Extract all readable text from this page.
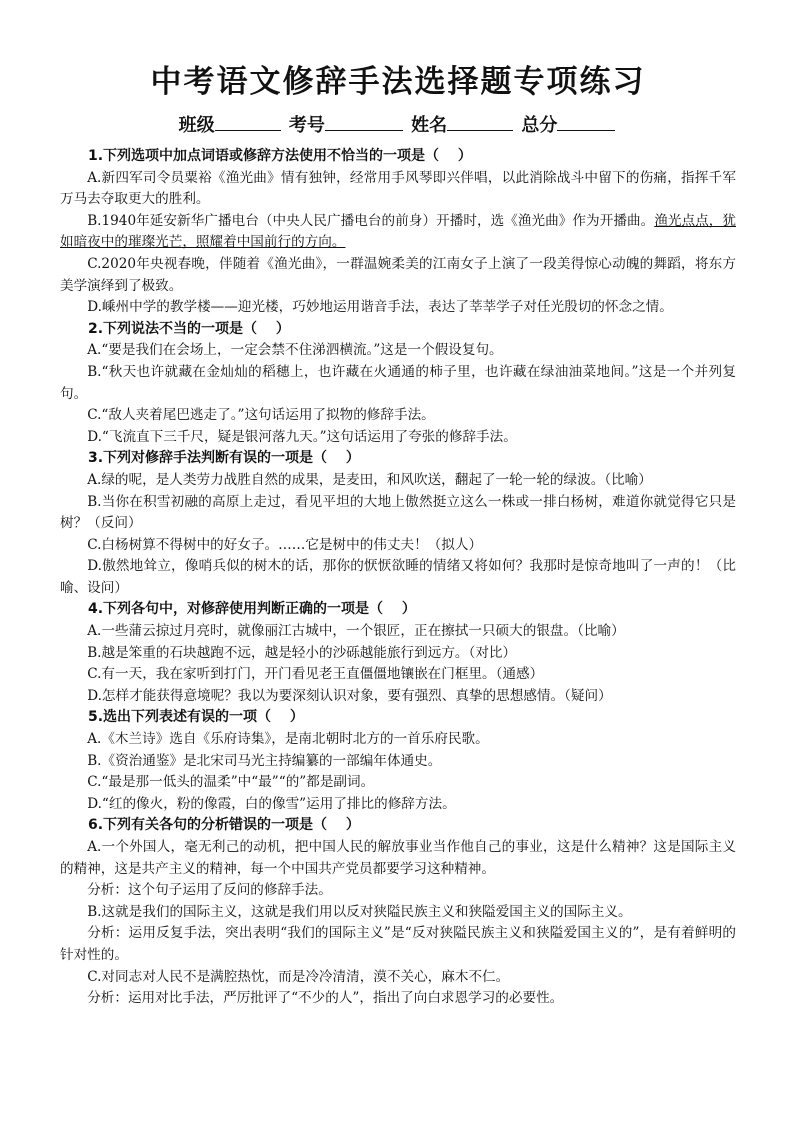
中考语文修辞手法选择题专项练习
班级	考号	姓名	总分

1.下列选项中加点词语或修辞方法使用不恰当的一项是（　 ）

A.新四军司令员粟裕《渔光曲》情有独钟，经常用手风琴即兴伴唱，以此消除战斗中留下的伤痛，指挥千军万马去夺取更大的胜利。

B.1940年延安新华广播电台（中央人民广播电台的前身）开播时，选《渔光曲》作为开播曲。渔光点点，犹如暗夜中的璀璨光芒，照耀着中国前行的方向。

C.2020年央视春晚，伴随着《渔光曲》，一群温婉柔美的江南女子上演了一段美得惊心动魄的舞蹈，将东方美学演绎到了极致。

D.嵊州中学的教学楼——迎光楼，巧妙地运用谐音手法，表达了莘莘学子对任光殷切的怀念之情。

2.下列说法不当的一项是（　 ）

A.“要是我们在会场上，一定会禁不住涕泗横流。”这是一个假设复句。

B.“秋天也许就藏在金灿灿的稻穗上，也许藏在火通通的柿子里，也许藏在绿油油菜地间。”这是一个并列复句。

C.“敌人夹着尾巴逃走了。”这句话运用了拟物的修辞手法。

D.“飞流直下三千尺，疑是银河落九天。”这句话运用了夸张的修辞手法。

3.下列对修辞手法判断有误的一项是（　 ）

A.绿的呢，是人类劳力战胜自然的成果，是麦田，和风吹送，翻起了一轮一轮的绿波。（比喻）

B.当你在积雪初融的高原上走过，看见平坦的大地上傲然挺立这么一株或一排白杨树，难道你就觉得它只是树？（反问）

C.白杨树算不得树中的好女子。……它是树中的伟丈夫！（拟人）

D.傲然地耸立，像哨兵似的树木的话，那你的恹恹欲睡的情绪又将如何？我那时是惊奇地叫了一声的！（比喻、设问）

4.下列各句中，对修辞使用判断正确的一项是（　 ）

A.一些蒲云掠过月亮时，就像丽江古城中，一个银匠，正在擦拭一只硕大的银盘。（比喻）

B.越是笨重的石块越跑不远，越是轻小的沙砾越能旅行到远方。（对比）

C.有一天，我在家听到打门，开门看见老王直僵僵地镶嵌在门框里。（通感）

D.怎样才能获得意境呢？我以为要深刻认识对象，要有强烈、真挚的思想感情。（疑问）

5.选出下列表述有误的一项（　 ）

A.《木兰诗》选自《乐府诗集》，是南北朝时北方的一首乐府民歌。

B.《资治通鉴》是北宋司马光主持编纂的一部编年体通史。

C.“最是那一低头的温柔”中“最”“的”都是副词。

D.“红的像火，粉的像霞，白的像雪”运用了排比的修辞方法。

6.下列有关各句的分析错误的一项是（　 ）

A.一个外国人，毫无利己的动机，把中国人民的解放事业当作他自己的事业，这是什么精神？这是国际主义的精神，这是共产主义的精神，每一个中国共产党员都要学习这种精神。

分析：这个句子运用了反问的修辞手法。

B.这就是我们的国际主义，这就是我们用以反对狭隘民族主义和狭隘爱国主义的国际主义。

分析：运用反复手法，突出表明“我们的国际主义”是“反对狭隘民族主义和狭隘爱国主义的”，是有着鲜明的针对性的。

C.对同志对人民不是满腔热忱，而是冷冷清清，漠不关心，麻木不仁。

分析：运用对比手法，严厉批评了“不少的人”，指出了向白求恩学习的必要性。
